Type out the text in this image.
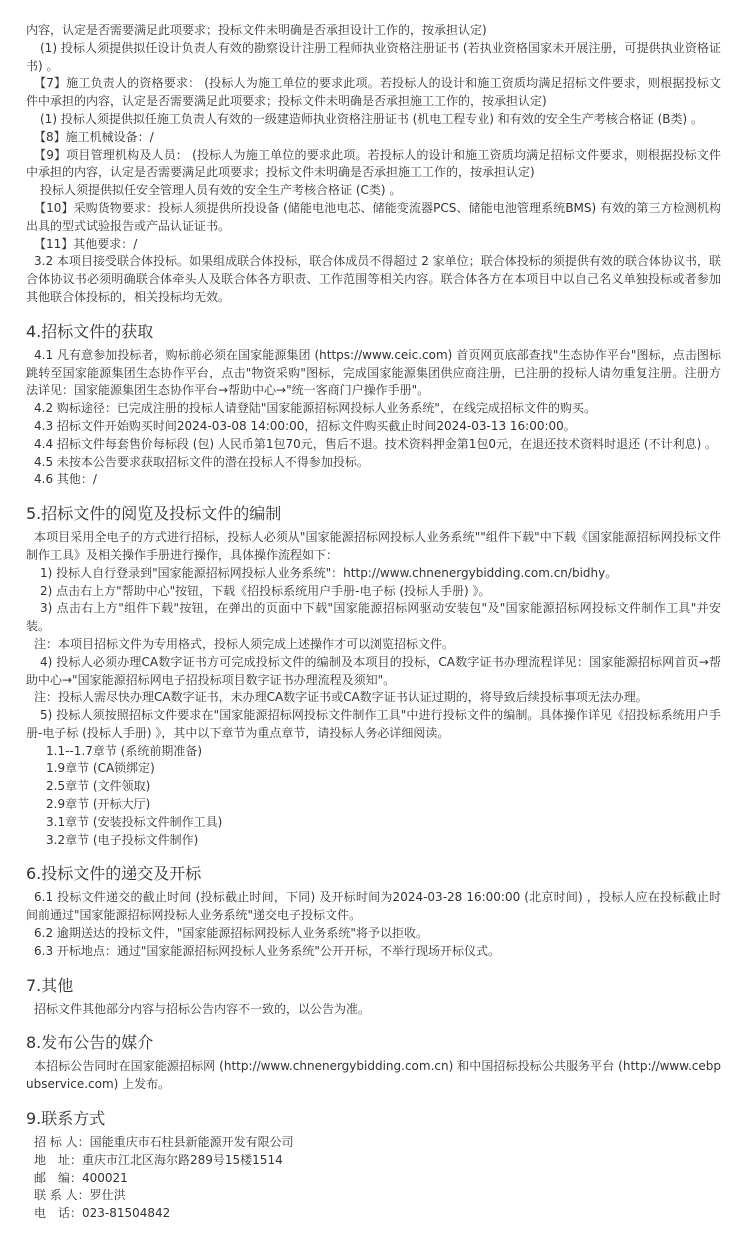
内容，认定是否需要满足此项要求；投标文件未明确是否承担设计工作的，按承担认定)

(1) 投标人须提供拟任设计负责人有效的勘察设计注册工程师执业资格注册证书 (若执业资格国家未开展注册，可提供执业资格证书) 。

【7】施工负责人的资格要求： (投标人为施工单位的要求此项。若投标人的设计和施工资质均满足招标文件要求，则根据投标文件中承担的内容，认定是否需要满足此项要求；投标文件未明确是否承担施工工作的，按承担认定)

(1) 投标人须提供拟任施工负责人有效的一级建造师执业资格注册证书 (机电工程专业) 和有效的安全生产考核合格证 (B类) 。

【8】施工机械设备：/

【9】项目管理机构及人员： (投标人为施工单位的要求此项。若投标人的设计和施工资质均满足招标文件要求，则根据投标文件中承担的内容，认定是否需要满足此项要求；投标文件未明确是否承担施工工作的，按承担认定)

投标人须提供拟任安全管理人员有效的安全生产考核合格证 (C类) 。

【10】采购货物要求：投标人须提供所投设备 (储能电池电芯、储能变流器PCS、储能电池管理系统BMS) 有效的第三方检测机构出具的型式试验报告或产品认证证书。

【11】其他要求：/

3.2 本项目接受联合体投标。如果组成联合体投标，联合体成员不得超过 2 家单位；联合体投标的须提供有效的联合体协议书，联合体协议书必须明确联合体牵头人及联合体各方职责、工作范围等相关内容。联合体各方在本项目中以自己名义单独投标或者参加其他联合体投标的，相关投标均无效。

4.招标文件的获取

4.1 凡有意参加投标者，购标前必须在国家能源集团 (https://www.ceic.com) 首页网页底部查找"生态协作平台"图标，点击图标跳转至国家能源集团生态协作平台，点击"物资采购"图标，完成国家能源集团供应商注册，已注册的投标人请勿重复注册。注册方法详见：国家能源集团生态协作平台→帮助中心→"统一客商门户操作手册"。

4.2 购标途径：已完成注册的投标人请登陆"国家能源招标网投标人业务系统"，在线完成招标文件的购买。

4.3 招标文件开始购买时间2024-03-08 14:00:00，招标文件购买截止时间2024-03-13 16:00:00。

4.4 招标文件每套售价每标段 (包) 人民币第1包70元，售后不退。技术资料押金第1包0元，在退还技术资料时退还 (不计利息) 。

4.5 未按本公告要求获取招标文件的潜在投标人不得参加投标。

4.6 其他：/

5.招标文件的阅览及投标文件的编制

本项目采用全电子的方式进行招标，投标人必须从"国家能源招标网投标人业务系统""组件下载"中下载《国家能源招标网投标文件制作工具》及相关操作手册进行操作，具体操作流程如下：

1) 投标人自行登录到"国家能源招标网投标人业务系统"：http://www.chnenergybidding.com.cn/bidhy。

2) 点击右上方"帮助中心"按钮，下载《招投标系统用户手册-电子标 (投标人手册) 》。

3) 点击右上方"组件下载"按钮，在弹出的页面中下载"国家能源招标网驱动安装包"及"国家能源招标网投标文件制作工具"并安装。

注：本项目招标文件为专用格式，投标人须完成上述操作才可以浏览招标文件。

4) 投标人必须办理CA数字证书方可完成投标文件的编制及本项目的投标，CA数字证书办理流程详见：国家能源招标网首页→帮助中心→"国家能源招标网电子招投标项目数字证书办理流程及须知"。

注：投标人需尽快办理CA数字证书，未办理CA数字证书或CA数字证书认证过期的，将导致后续投标事项无法办理。

5) 投标人须按照招标文件要求在"国家能源招标网投标文件制作工具"中进行投标文件的编制。具体操作详见《招投标系统用户手册-电子标 (投标人手册) 》，其中以下章节为重点章节，请投标人务必详细阅读。

1.1--1.7章节 (系统前期准备)

1.9章节 (CA锁绑定)

2.5章节 (文件领取)

2.9章节 (开标大厅)

3.1章节 (安装投标文件制作工具)

3.2章节 (电子投标文件制作)

6.投标文件的递交及开标

6.1 投标文件递交的截止时间 (投标截止时间，下同) 及开标时间为2024-03-28 16:00:00 (北京时间) ，投标人应在投标截止时间前通过"国家能源招标网投标人业务系统"递交电子投标文件。

6.2 逾期送达的投标文件，"国家能源招标网投标人业务系统"将予以拒收。

6.3 开标地点：通过"国家能源招标网投标人业务系统"公开开标，不举行现场开标仪式。

7.其他

招标文件其他部分内容与招标公告内容不一致的，以公告为准。

8.发布公告的媒介

本招标公告同时在国家能源招标网 (http://www.chnenergybidding.com.cn) 和中国招标投标公共服务平台 (http://www.cebpubservice.com) 上发布。

9.联系方式

招 标 人：国能重庆市石柱县新能源开发有限公司

地　址：重庆市江北区海尔路289号15楼1514

邮　编：400021

联 系 人：罗仕洪

电　话：023-81504842
